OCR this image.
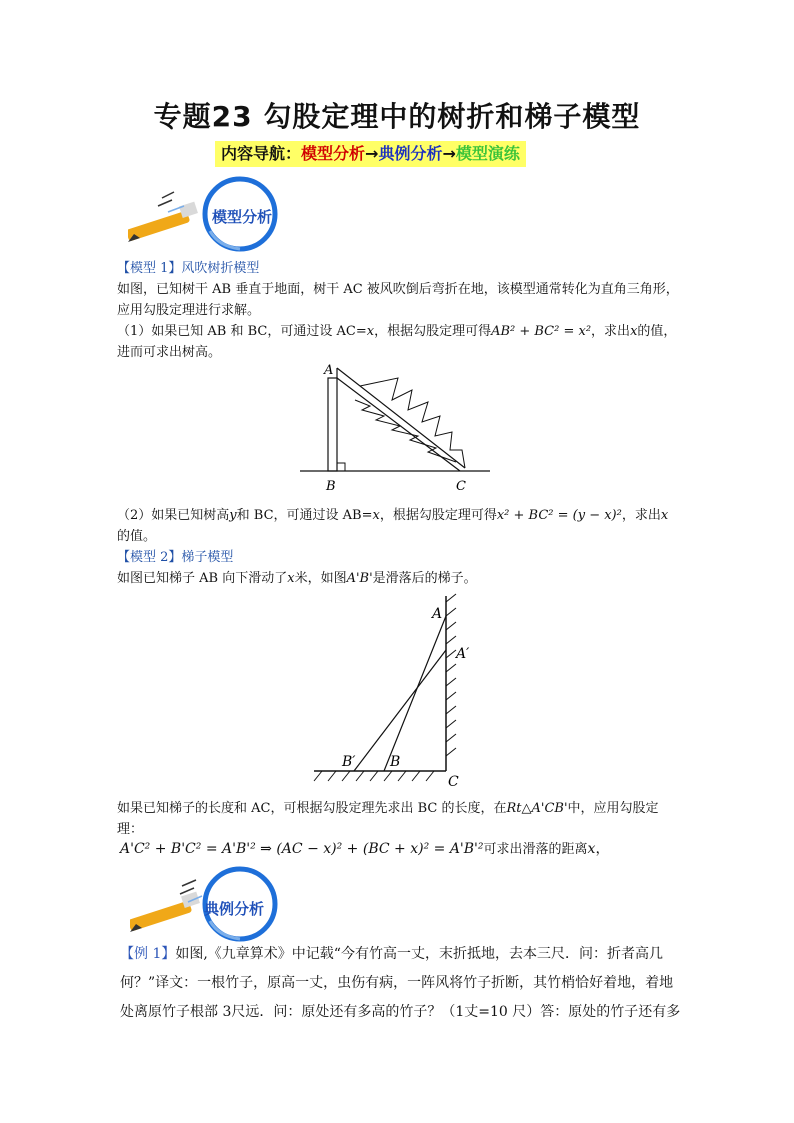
专题23 勾股定理中的树折和梯子模型
内容导航：模型分析→典例分析→模型演练
模型分析
【模型 1】风吹树折模型
如图，已知树干 AB 垂直于地面，树干 AC 被风吹倒后弯折在地，该模型通常转化为直角三角形，应用勾股定理进行求解。
（1）如果已知 AB 和 BC，可通过设 AC=x，根据勾股定理可得AB² + BC² = x²，求出x的值，进而可求出树高。
A
B	C
（2）如果已知树高y和 BC，可通过设 AB=x，根据勾股定理可得x² + BC² = (y − x)²，求出x的值。
【模型 2】梯子模型
如图已知梯子 AB 向下滑动了x米，如图A'B'是滑落后的梯子。
A
A′
B′ B
C
如果已知梯子的长度和 AC，可根据勾股定理先求出 BC 的长度，在Rt△A'CB'中，应用勾股定理：
A'C² + B'C² = A'B'² ⇒ (AC − x)² + (BC + x)² = A'B'²可求出滑落的距离x，
典例分析
【例 1】如图,《九章算术》中记载“今有竹高一丈，末折抵地，去本三尺．问：折者高几何？”译文：一根竹子，原高一丈，虫伤有病，一阵风将竹子折断，其竹梢恰好着地，着地处离原竹子根部 3尺远．问：原处还有多高的竹子？（1丈=10 尺）答：原处的竹子还有多
